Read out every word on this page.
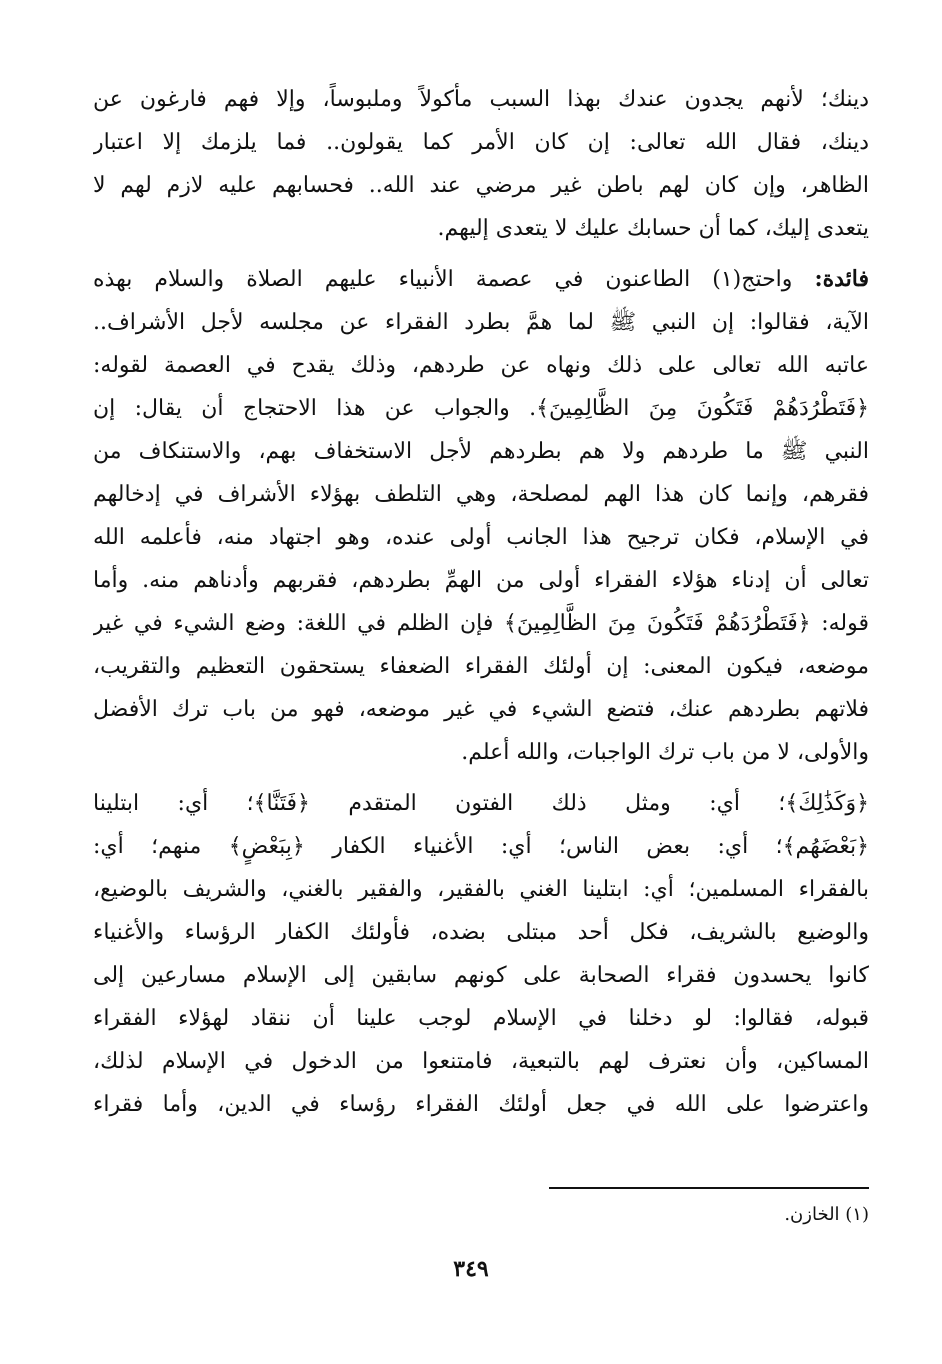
دينك؛ لأنهم يجدون عندك بهذا السبب مأكولاً وملبوساً، وإلا فهم فارغون عن
دينك، فقال الله تعالى: إن كان الأمر كما يقولون.. فما يلزمك إلا اعتبار
الظاهر، وإن كان لهم باطن غير مرضي عند الله.. فحسابهم عليه لازم لهم لا
يتعدى إليك، كما أن حسابك عليك لا يتعدى إليهم.

فائدة: واحتج(١) الطاعنون في عصمة الأنبياء عليهم الصلاة والسلام بهذه
الآية، فقالوا: إن النبي ﷺ لما همَّ بطرد الفقراء عن مجلسه لأجل الأشراف..
عاتبه الله تعالى على ذلك ونهاه عن طردهم، وذلك يقدح في العصمة لقوله:
﴿فَتَطْرُدَهُمْ فَتَكُونَ مِنَ الظَّالِمِينَ﴾. والجواب عن هذا الاحتجاج أن يقال: إن
النبي ﷺ ما طردهم ولا هم بطردهم لأجل الاستخفاف بهم، والاستنكاف من
فقرهم، وإنما كان هذا الهم لمصلحة، وهي التلطف بهؤلاء الأشراف في إدخالهم
في الإسلام، فكان ترجيح هذا الجانب أولى عنده، وهو اجتهاد منه، فأعلمه الله
تعالى أن إدناء هؤلاء الفقراء أولى من الهمِّ بطردهم، فقربهم وأدناهم منه. وأما
قوله: ﴿فَتَطْرُدَهُمْ فَتَكُونَ مِنَ الظَّالِمِينَ﴾ فإن الظلم في اللغة: وضع الشيء في غير
موضعه، فيكون المعنى: إن أولئك الفقراء الضعفاء يستحقون التعظيم والتقريب،
فلاتهم بطردهم عنك، فتضع الشيء في غير موضعه، فهو من باب ترك الأفضل
والأولى، لا من باب ترك الواجبات، والله أعلم.

﴿وَكَذَٰلِكَ﴾؛ أي: ومثل ذلك الفتون المتقدم ﴿فَتَنَّا﴾؛ أي: ابتلينا
﴿بَعْضَهُم﴾؛ أي: بعض الناس؛ أي: الأغنياء الكفار ﴿بِبَعْضٍ﴾ منهم؛ أي:
بالفقراء المسلمين؛ أي: ابتلينا الغني بالفقير، والفقير بالغني، والشريف بالوضيع،
والوضيع بالشريف، فكل أحد مبتلى بضده، فأولئك الكفار الرؤساء والأغنياء
كانوا يحسدون فقراء الصحابة على كونهم سابقين إلى الإسلام مسارعين إلى
قبوله، فقالوا: لو دخلنا في الإسلام لوجب علينا أن ننقاد لهؤلاء الفقراء
المساكين، وأن نعترف لهم بالتبعية، فامتنعوا من الدخول في الإسلام لذلك،
واعترضوا على الله في جعل أولئك الفقراء رؤساء في الدين، وأما فقراء

(١) الخازن.
٣٤٩
